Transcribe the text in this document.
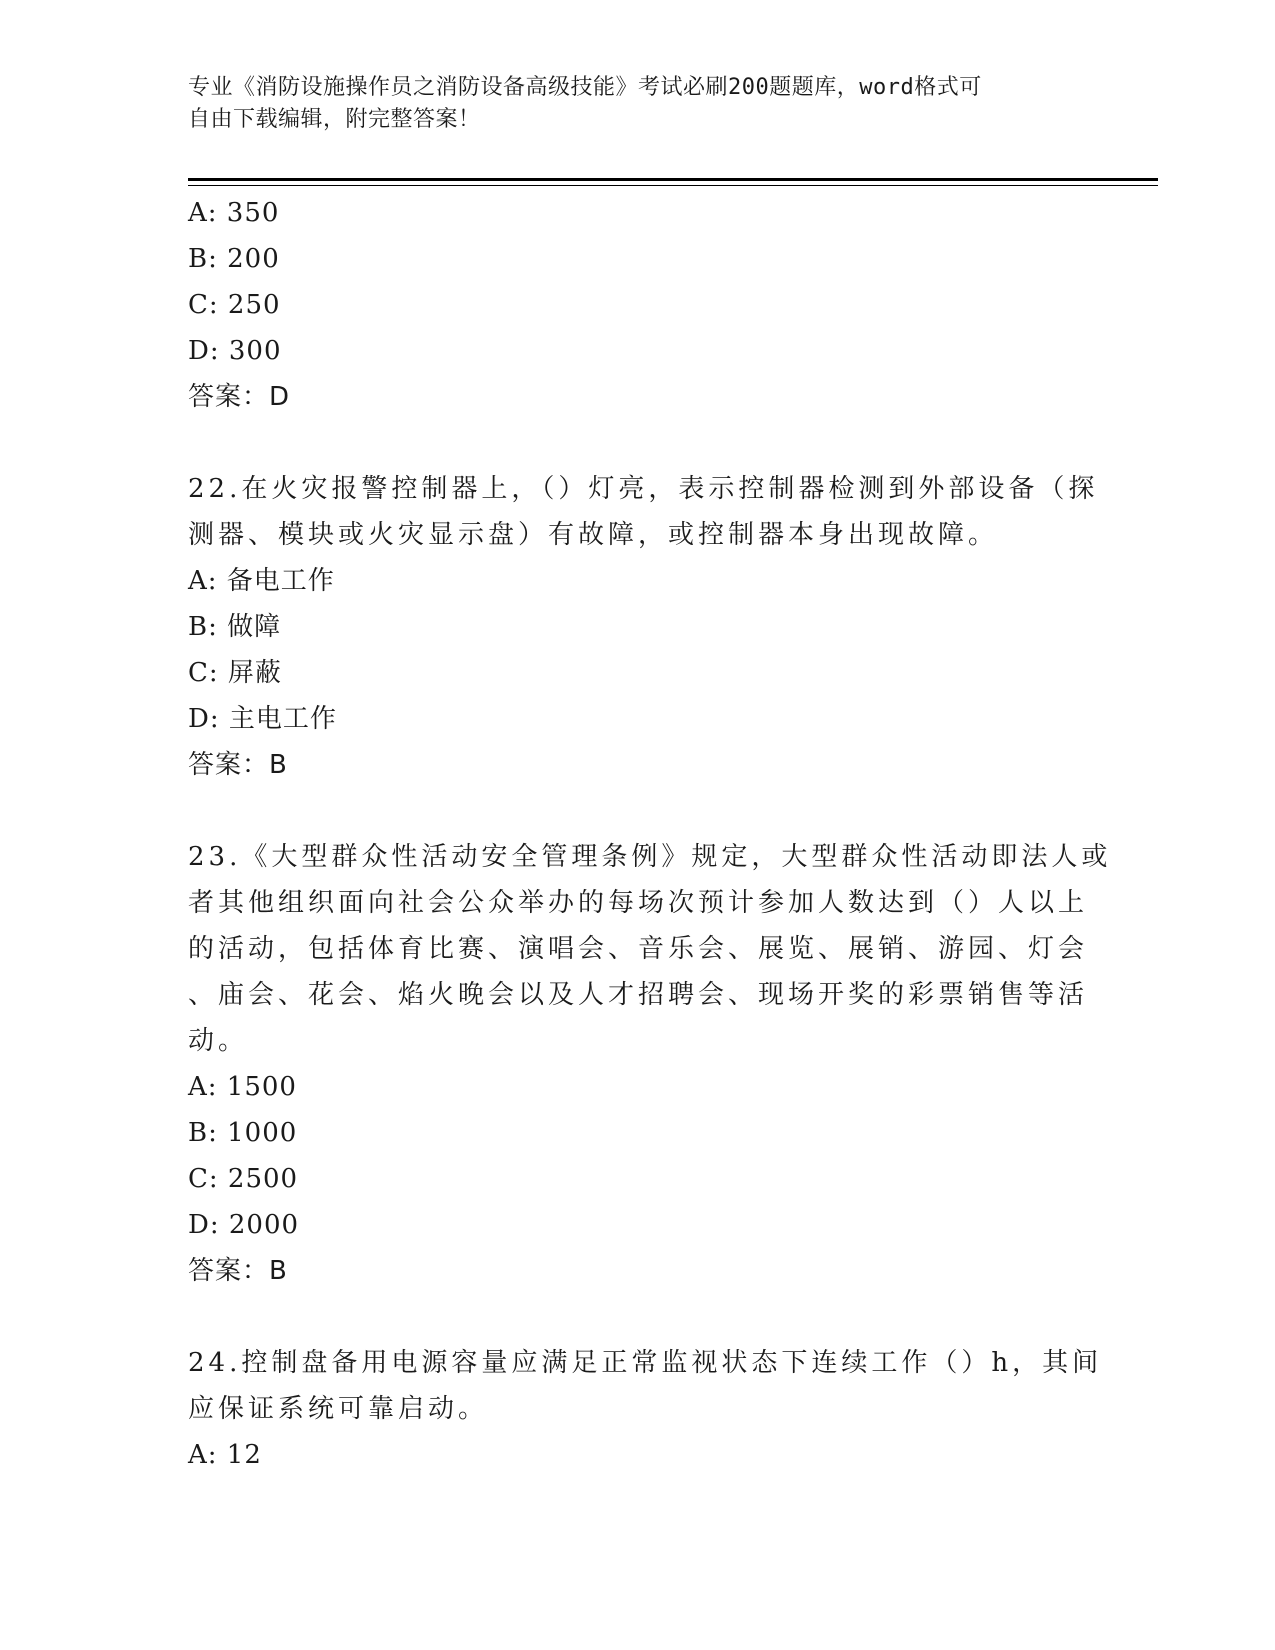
专业《消防设施操作员之消防设备高级技能》考试必刷200题题库，word格式可
自由下载编辑，附完整答案！
A: 350
B: 200
C: 250
D: 300
答案：D
22.在火灾报警控制器上，（）灯亮，表示控制器检测到外部设备（探
测器、模块或火灾显示盘）有故障，或控制器本身出现故障。
A: 备电工作
B: 做障
C: 屏蔽
D: 主电工作
答案：B
23.《大型群众性活动安全管理条例》规定，大型群众性活动即法人或
者其他组织面向社会公众举办的每场次预计参加人数达到（）人以上
的活动，包括体育比赛、演唱会、音乐会、展览、展销、游园、灯会
、庙会、花会、焰火晚会以及人才招聘会、现场开奖的彩票销售等活
动。
A: 1500
B: 1000
C: 2500
D: 2000
答案：B
24.控制盘备用电源容量应满足正常监视状态下连续工作（）h，其间
应保证系统可靠启动。
A: 12
